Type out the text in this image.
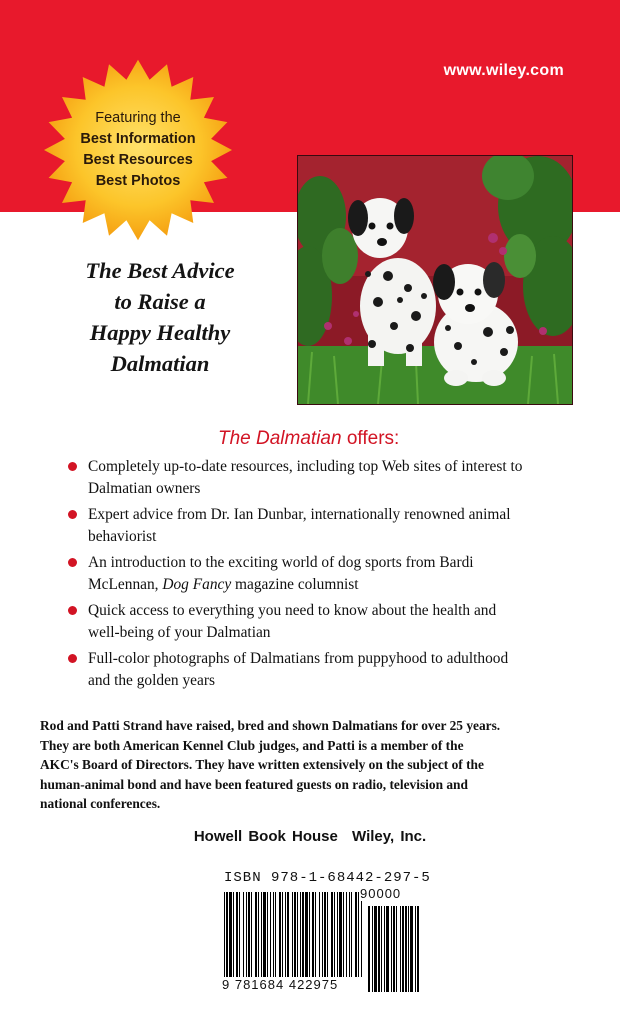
www.wiley.com
Featuring the
Best Information
Best Resources
Best Photos
The Best Advice
to Raise a
Happy Healthy
Dalmatian
The Dalmatian offers:
Completely up-to-date resources, including top Web sites of interest to
Dalmatian owners
Expert advice from Dr. Ian Dunbar, internationally renowned animal
behaviorist
An introduction to the exciting world of dog sports from Bardi
McLennan, Dog Fancy magazine columnist
Quick access to everything you need to know about the health and
well-being of your Dalmatian
Full-color photographs of Dalmatians from puppyhood to adulthood
and the golden years
Rod and Patti Strand have raised, bred and shown Dalmatians for over 25 years.
They are both American Kennel Club judges, and Patti is a member of the
AKC's Board of Directors. They have written extensively on the subject of the
human-animal bond and have been featured guests on radio, television and
national conferences.
Howell Book House Wiley, Inc.
ISBN 978-1-68442-297-5
90000
9 781684 422975
